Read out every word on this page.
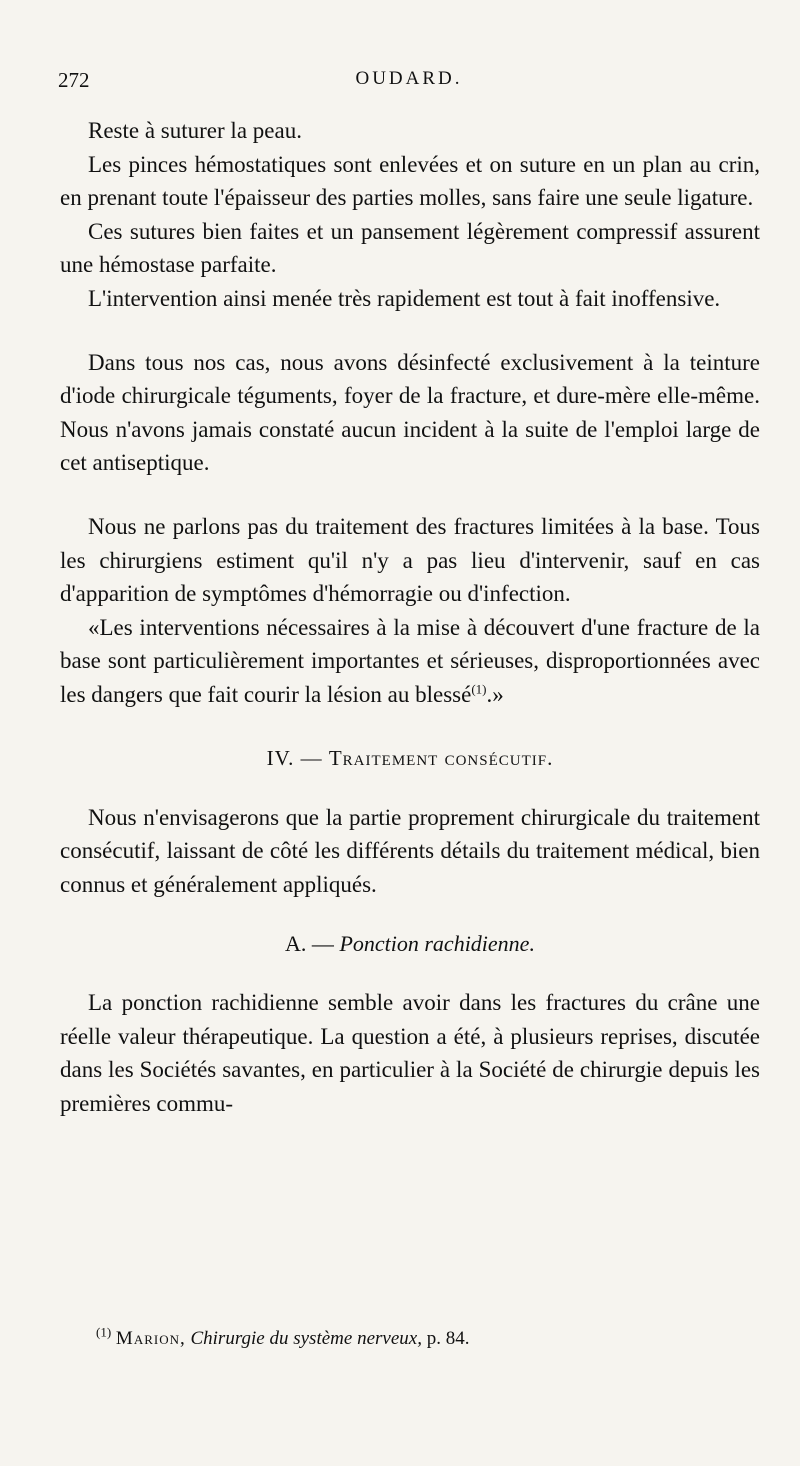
272	OUDARD.

Reste à suturer la peau.

Les pinces hémostatiques sont enlevées et on suture en un plan au crin, en prenant toute l'épaisseur des parties molles, sans faire une seule ligature.

Ces sutures bien faites et un pansement légèrement compressif assurent une hémostase parfaite.

L'intervention ainsi menée très rapidement est tout à fait inoffensive.

Dans tous nos cas, nous avons désinfecté exclusivement à la teinture d'iode chirurgicale téguments, foyer de la fracture, et dure-mère elle-même. Nous n'avons jamais constaté aucun incident à la suite de l'emploi large de cet antiseptique.

Nous ne parlons pas du traitement des fractures limitées à la base. Tous les chirurgiens estiment qu'il n'y a pas lieu d'intervenir, sauf en cas d'apparition de symptômes d'hémorragie ou d'infection.

«Les interventions nécessaires à la mise à découvert d'une fracture de la base sont particulièrement importantes et sérieuses, disproportionnées avec les dangers que fait courir la lésion au blessé$^{(1)}$.»

IV. — Traitement consécutif.

Nous n'envisagerons que la partie proprement chirurgicale du traitement consécutif, laissant de côté les différents détails du traitement médical, bien connus et généralement appliqués.

A. — Ponction rachidienne.

La ponction rachidienne semble avoir dans les fractures du crâne une réelle valeur thérapeutique. La question a été, à plusieurs reprises, discutée dans les Sociétés savantes, en particulier à la Société de chirurgie depuis les premières commu-

$^{(1)}$ Marion, Chirurgie du système nerveux, p. 84.
